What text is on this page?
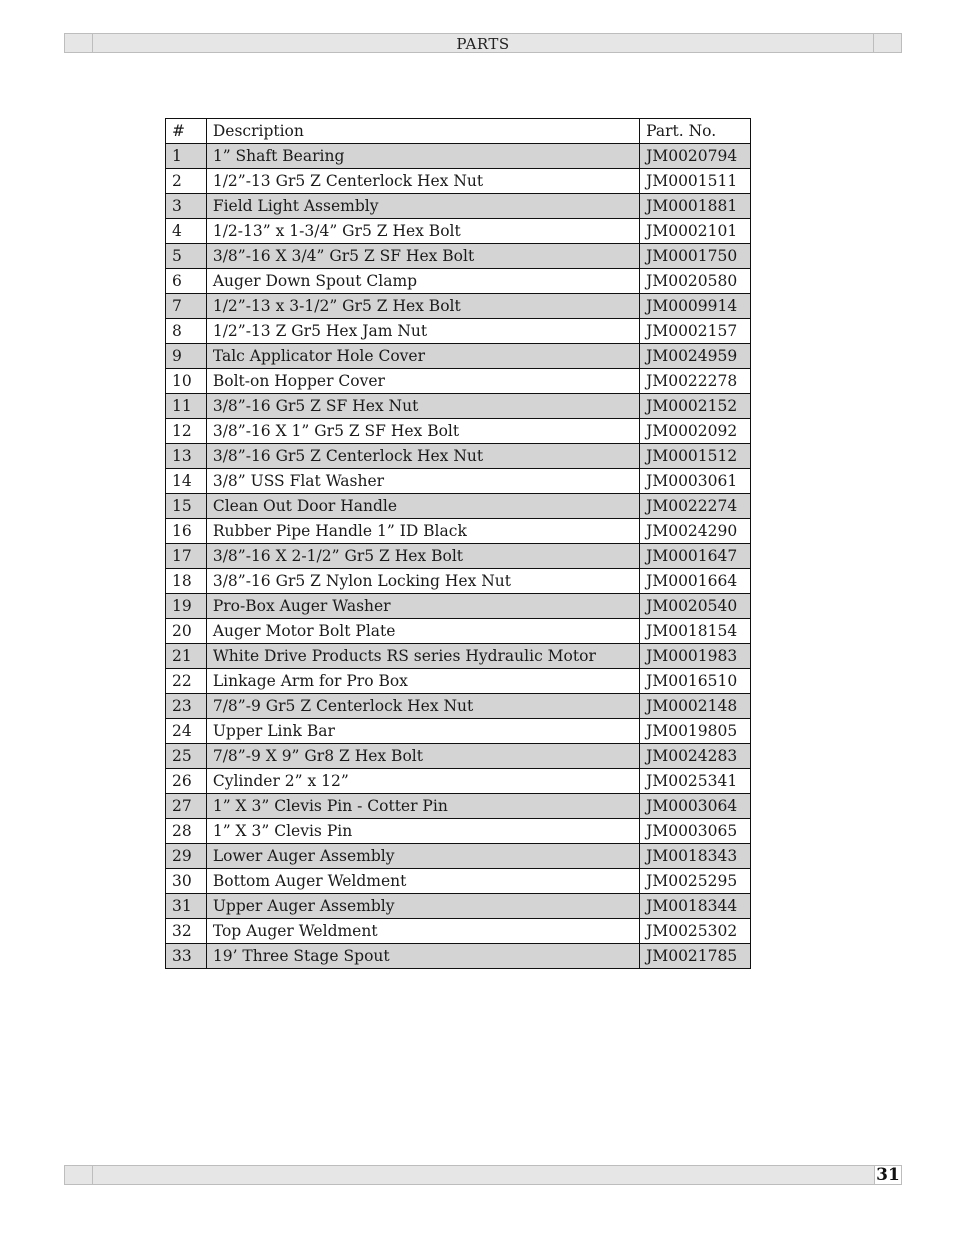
PARTS
#	Description	Part. No.
1	1” Shaft Bearing	JM0020794
2	1/2”-13 Gr5 Z Centerlock Hex Nut	JM0001511
3	Field Light Assembly	JM0001881
4	1/2-13” x 1-3/4” Gr5 Z Hex Bolt	JM0002101
5	3/8”-16 X 3/4” Gr5 Z SF Hex Bolt	JM0001750
6	Auger Down Spout Clamp	JM0020580
7	1/2”-13 x 3-1/2” Gr5 Z Hex Bolt	JM0009914
8	1/2”-13 Z Gr5 Hex Jam Nut	JM0002157
9	Talc Applicator Hole Cover	JM0024959
10	Bolt-on Hopper Cover	JM0022278
11	3/8”-16 Gr5 Z SF Hex Nut	JM0002152
12	3/8”-16 X 1” Gr5 Z SF Hex Bolt	JM0002092
13	3/8”-16 Gr5 Z Centerlock Hex Nut	JM0001512
14	3/8” USS Flat Washer	JM0003061
15	Clean Out Door Handle	JM0022274
16	Rubber Pipe Handle 1” ID Black	JM0024290
17	3/8”-16 X 2-1/2” Gr5 Z Hex Bolt	JM0001647
18	3/8”-16 Gr5 Z Nylon Locking Hex Nut	JM0001664
19	Pro-Box Auger Washer	JM0020540
20	Auger Motor Bolt Plate	JM0018154
21	White Drive Products RS series Hydraulic Motor	JM0001983
22	Linkage Arm for Pro Box	JM0016510
23	7/8”-9 Gr5 Z Centerlock Hex Nut	JM0002148
24	Upper Link Bar	JM0019805
25	7/8”-9 X 9” Gr8 Z Hex Bolt	JM0024283
26	Cylinder 2” x 12”	JM0025341
27	1” X 3” Clevis Pin - Cotter Pin	JM0003064
28	1” X 3” Clevis Pin	JM0003065
29	Lower Auger Assembly	JM0018343
30	Bottom Auger Weldment	JM0025295
31	Upper Auger Assembly	JM0018344
32	Top Auger Weldment	JM0025302
33	19’ Three Stage Spout	JM0021785
31
